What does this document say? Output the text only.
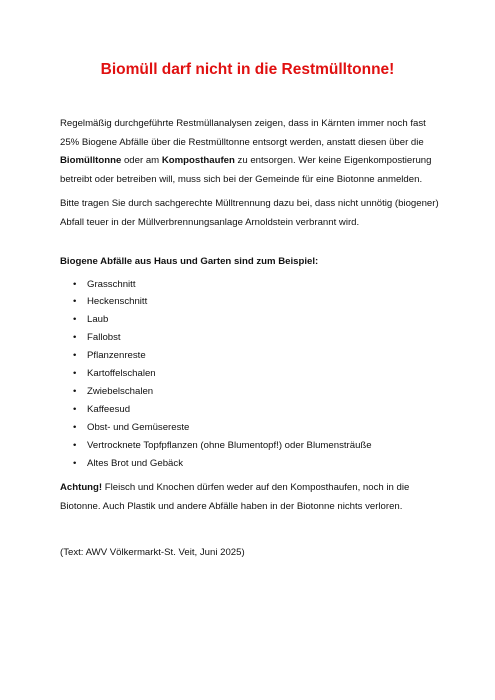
Biomüll darf nicht in die Restmülltonne!

Regelmäßig durchgeführte Restmüllanalysen zeigen, dass in Kärnten immer noch fast 25% Biogene Abfälle über die Restmülltonne entsorgt werden, anstatt diesen über die Biomülltonne oder am Komposthaufen zu entsorgen. Wer keine Eigenkompostierung betreibt oder betreiben will, muss sich bei der Gemeinde für eine Biotonne anmelden.

Bitte tragen Sie durch sachgerechte Mülltrennung dazu bei, dass nicht unnötig (biogener) Abfall teuer in der Müllverbrennungsanlage Arnoldstein verbrannt wird.

Biogene Abfälle aus Haus und Garten sind zum Beispiel:
• Grasschnitt
• Heckenschnitt
• Laub
• Fallobst
• Pflanzenreste
• Kartoffelschalen
• Zwiebelschalen
• Kaffeesud
• Obst- und Gemüsereste
• Vertrocknete Topfpflanzen (ohne Blumentopf!) oder Blumensträuße
• Altes Brot und Gebäck

Achtung! Fleisch und Knochen dürfen weder auf den Komposthaufen, noch in die Biotonne. Auch Plastik und andere Abfälle haben in der Biotonne nichts verloren.

(Text: AWV Völkermarkt-St. Veit, Juni 2025)
